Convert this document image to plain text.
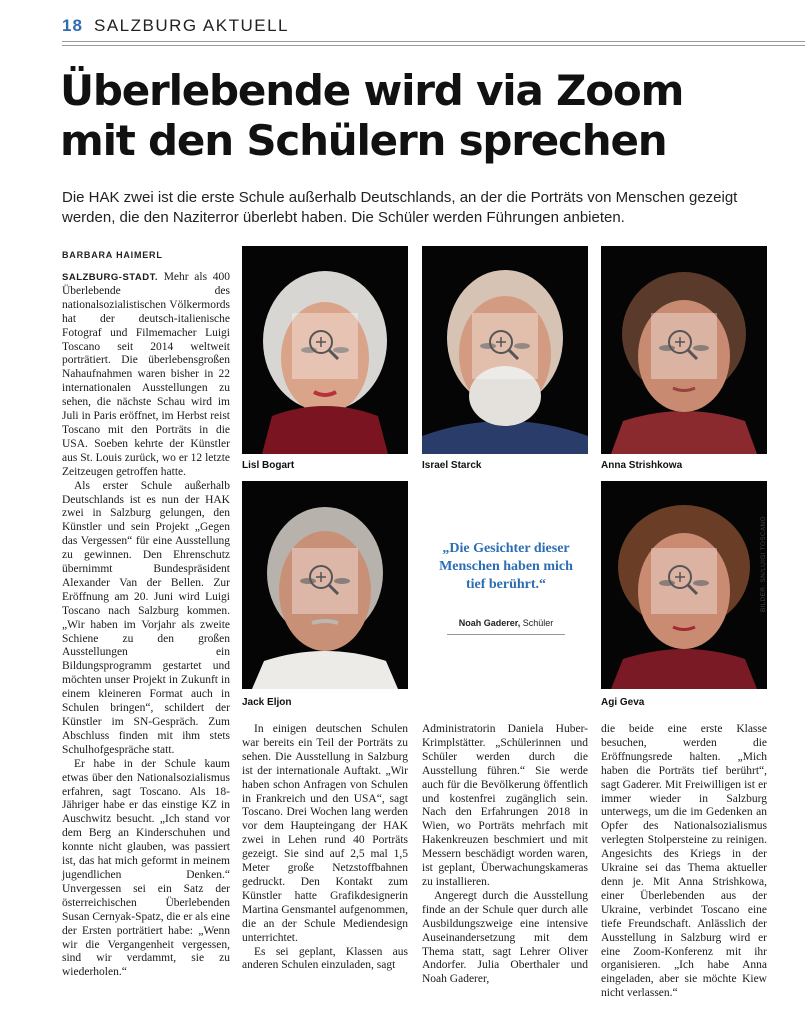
18 SALZBURG AKTUELL
Überlebende wird via Zoom
mit den Schülern sprechen

Die HAK zwei ist die erste Schule außerhalb Deutschlands, an der die Porträts von Menschen gezeigt werden, die den Naziterror überlebt haben. Die Schüler werden Führungen anbieten.

BARBARA HAIMERL

SALZBURG-STADT. Mehr als 400 Überlebende des nationalsozialistischen Völkermords hat der deutsch-italienische Fotograf und Filmemacher Luigi Toscano seit 2014 weltweit porträtiert. Die überlebensgroßen Nahaufnahmen waren bisher in 22 internationalen Ausstellungen zu sehen, die nächste Schau wird im Juli in Paris eröffnet, im Herbst reist Toscano mit den Porträts in die USA. Soeben kehrte der Künstler aus St. Louis zurück, wo er 12 letzte Zeitzeugen getroffen hatte.

Als erster Schule außerhalb Deutschlands ist es nun der HAK zwei in Salzburg gelungen, den Künstler und sein Projekt „Gegen das Vergessen“ für eine Ausstellung zu gewinnen. Den Ehrenschutz übernimmt Bundespräsident Alexander Van der Bellen. Zur Eröffnung am 20. Juni wird Luigi Toscano nach Salzburg kommen. „Wir haben im Vorjahr als zweite Schiene zu den großen Ausstellungen ein Bildungsprogramm gestartet und möchten unser Projekt in Zukunft in einem kleineren Format auch in Schulen bringen“, schildert der Künstler im SN-Gespräch. Zum Abschluss finden mit ihm stets Schulhofgespräche statt.

Er habe in der Schule kaum etwas über den Nationalsozialismus erfahren, sagt Toscano. Als 18-Jähriger habe er das einstige KZ in Auschwitz besucht. „Ich stand vor dem Berg an Kinderschuhen und konnte nicht glauben, was passiert ist, das hat mich geformt in meinem jugendlichen Denken.“ Unvergessen sei ein Satz der österreichischen Überlebenden Susan Cernyak-Spatz, die er als eine der Ersten porträtiert habe: „Wenn wir die Vergangenheit vergessen, sind wir verdammt, sie zu wiederholen.“

Lisl Bogart	Israel Starck	Anna Strishkowa
Jack Eljon	Agi Geva
BILDER: SN/LUIGI TOSCANO
„Die Gesichter dieser Menschen haben mich tief berührt.“
Noah Gaderer, Schüler

In einigen deutschen Schulen war bereits ein Teil der Porträts zu sehen. Die Ausstellung in Salzburg ist der internationale Auftakt. „Wir haben schon Anfragen von Schulen in Frankreich und den USA“, sagt Toscano. Drei Wochen lang werden vor dem Haupteingang der HAK zwei in Lehen rund 40 Porträts gezeigt. Sie sind auf 2,5 mal 1,5 Meter große Netzstoffbahnen gedruckt. Den Kontakt zum Künstler hatte Grafikdesignerin Martina Gensmantel aufgenommen, die an der Schule Mediendesign unterrichtet.

Es sei geplant, Klassen aus anderen Schulen einzuladen, sagt

Administratorin Daniela Huber-Krimplstätter. „Schülerinnen und Schüler werden durch die Ausstellung führen.“ Sie werde auch für die Bevölkerung öffentlich und kostenfrei zugänglich sein. Nach den Erfahrungen 2018 in Wien, wo Porträts mehrfach mit Hakenkreuzen beschmiert und mit Messern beschädigt worden waren, ist geplant, Überwachungskameras zu installieren.

Angeregt durch die Ausstellung finde an der Schule quer durch alle Ausbildungszweige eine intensive Auseinandersetzung mit dem Thema statt, sagt Lehrer Oliver Andorfer. Julia Oberthaler und Noah Gaderer,

die beide eine erste Klasse besuchen, werden die Eröffnungsrede halten. „Mich haben die Porträts tief berührt“, sagt Gaderer. Mit Freiwilligen ist er immer wieder in Salzburg unterwegs, um die im Gedenken an Opfer des Nationalsozialismus verlegten Stolpersteine zu reinigen. Angesichts des Kriegs in der Ukraine sei das Thema aktueller denn je. Mit Anna Strishkowa, einer Überlebenden aus der Ukraine, verbindet Toscano eine tiefe Freundschaft. Anlässlich der Ausstellung in Salzburg wird er eine Zoom-Konferenz mit ihr organisieren. „Ich habe Anna eingeladen, aber sie möchte Kiew nicht verlassen.“
